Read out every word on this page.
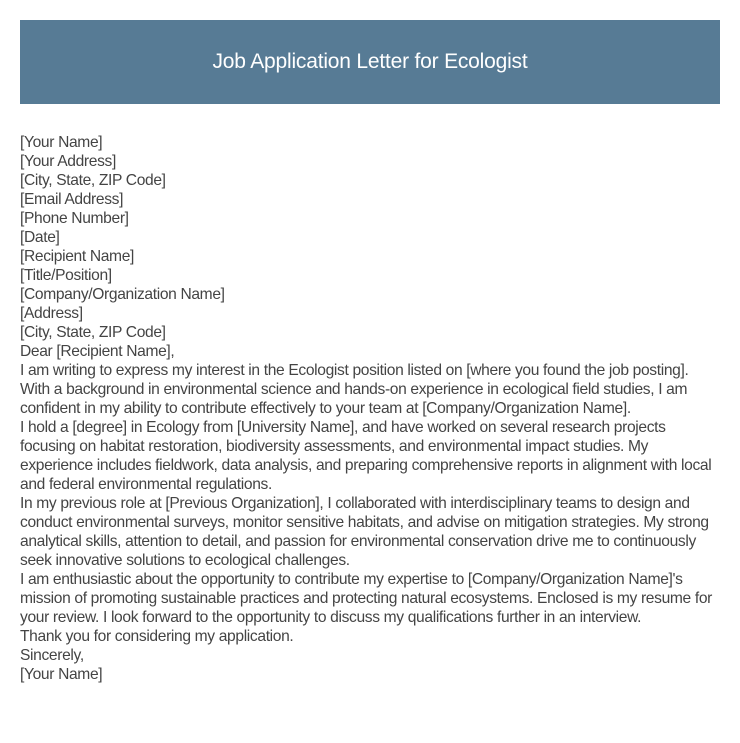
Job Application Letter for Ecologist
[Your Name]
[Your Address]
[City, State, ZIP Code]
[Email Address]
[Phone Number]
[Date]
[Recipient Name]
[Title/Position]
[Company/Organization Name]
[Address]
[City, State, ZIP Code]
Dear [Recipient Name],

I am writing to express my interest in the Ecologist position listed on [where you found the job posting]. With a background in environmental science and hands-on experience in ecological field studies, I am confident in my ability to contribute effectively to your team at [Company/Organization Name].

I hold a [degree] in Ecology from [University Name], and have worked on several research projects focusing on habitat restoration, biodiversity assessments, and environmental impact studies. My experience includes fieldwork, data analysis, and preparing comprehensive reports in alignment with local and federal environmental regulations.

In my previous role at [Previous Organization], I collaborated with interdisciplinary teams to design and conduct environmental surveys, monitor sensitive habitats, and advise on mitigation strategies. My strong analytical skills, attention to detail, and passion for environmental conservation drive me to continuously seek innovative solutions to ecological challenges.

I am enthusiastic about the opportunity to contribute my expertise to [Company/Organization Name]'s mission of promoting sustainable practices and protecting natural ecosystems. Enclosed is my resume for your review. I look forward to the opportunity to discuss my qualifications further in an interview.

Thank you for considering my application.

Sincerely,
[Your Name]
